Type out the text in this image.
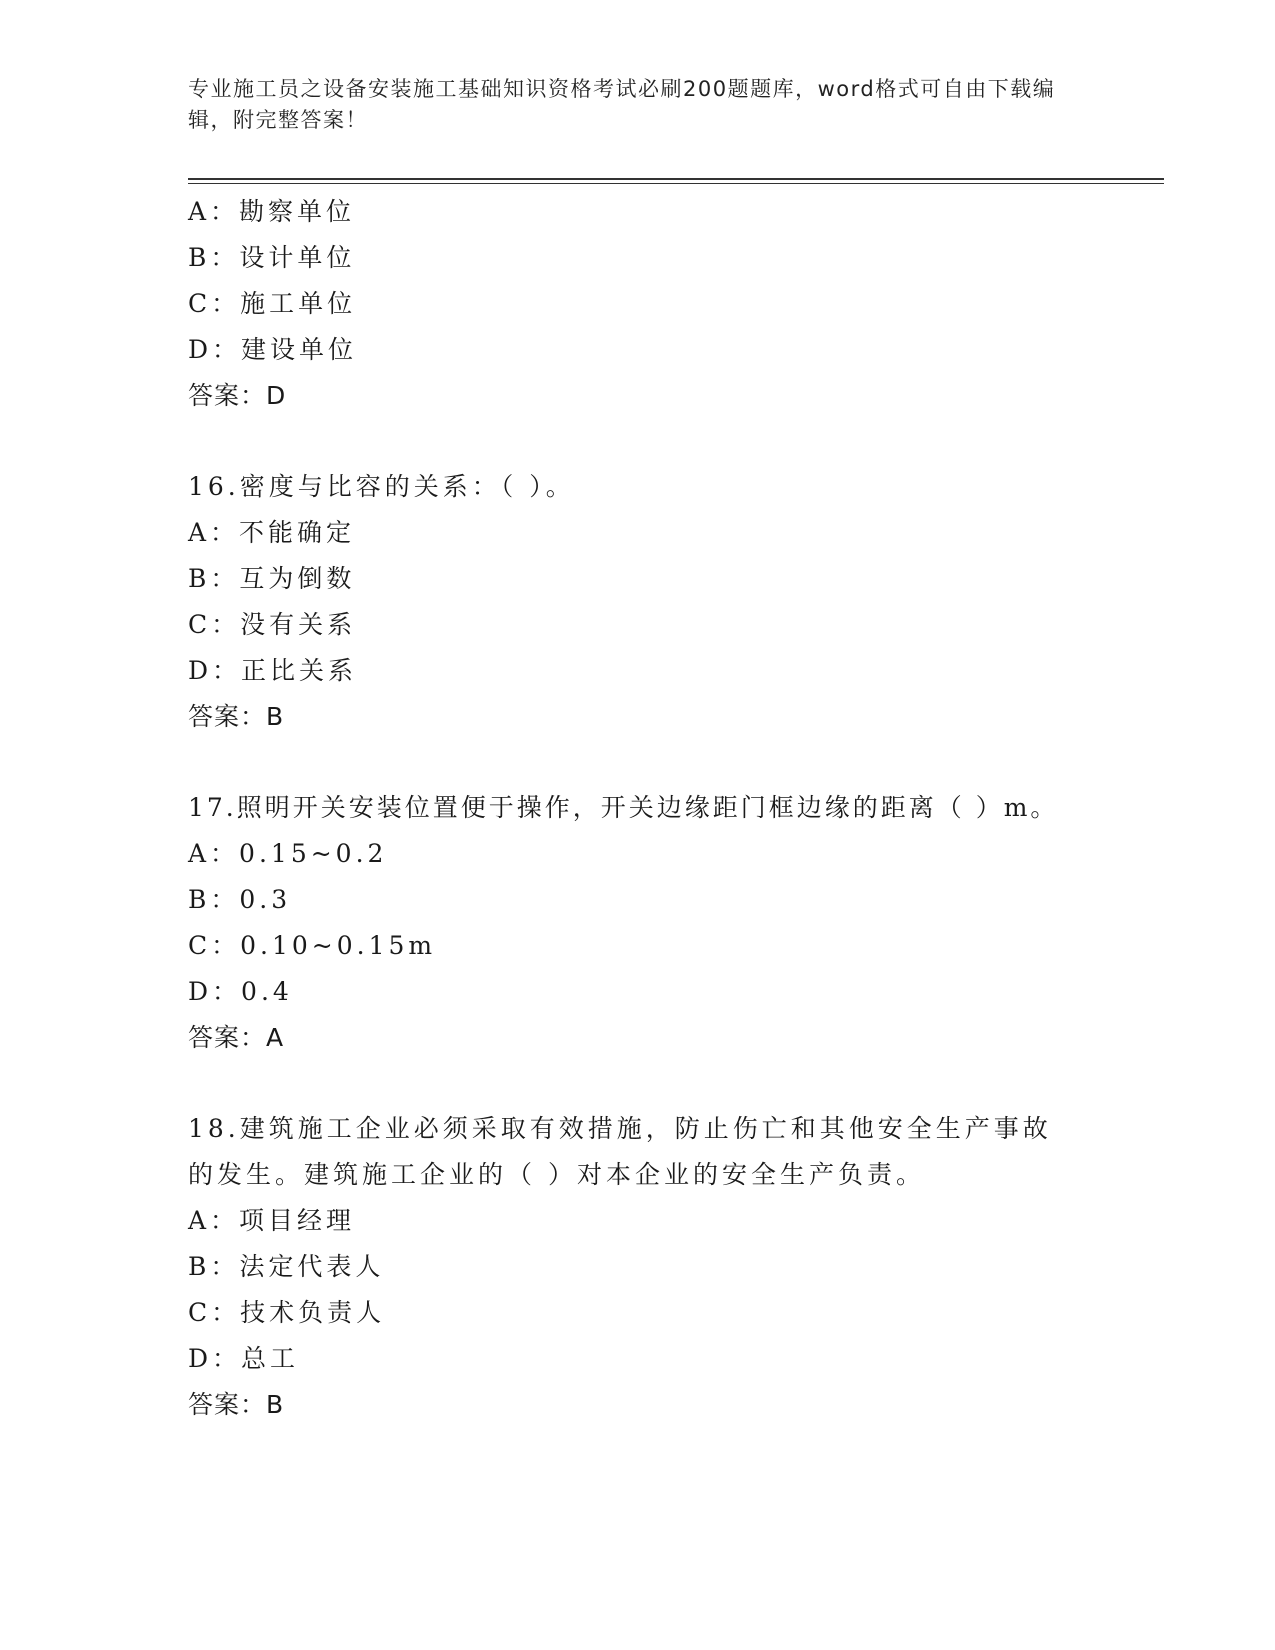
专业施工员之设备安装施工基础知识资格考试必刷200题题库，word格式可自由下载编辑，附完整答案！
A：勘察单位
B：设计单位
C：施工单位
D：建设单位
答案：D
16.密度与比容的关系：（ ）。
A：不能确定
B：互为倒数
C：没有关系
D：正比关系
答案：B
17.照明开关安装位置便于操作，开关边缘距门框边缘的距离（ ）m。
A：0.15~0.2
B：0.3
C：0.10~0.15m
D：0.4
答案：A
18.建筑施工企业必须采取有效措施，防止伤亡和其他安全生产事故的发生。建筑施工企业的（ ）对本企业的安全生产负责。
A：项目经理
B：法定代表人
C：技术负责人
D：总工
答案：B
